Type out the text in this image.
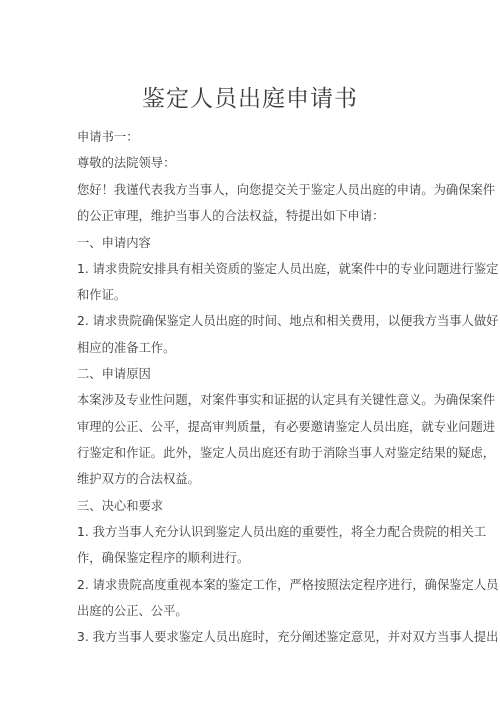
鉴定人员出庭申请书
申请书一：
尊敬的法院领导：
您好！我谨代表我方当事人，向您提交关于鉴定人员出庭的申请。为确保案件
的公正审理，维护当事人的合法权益，特提出如下申请：
一、申请内容
1. 请求贵院安排具有相关资质的鉴定人员出庭，就案件中的专业问题进行鉴定
和作证。
2. 请求贵院确保鉴定人员出庭的时间、地点和相关费用，以便我方当事人做好
相应的准备工作。
二、申请原因
本案涉及专业性问题，对案件事实和证据的认定具有关键性意义。为确保案件
审理的公正、公平，提高审判质量，有必要邀请鉴定人员出庭，就专业问题进
行鉴定和作证。此外，鉴定人员出庭还有助于消除当事人对鉴定结果的疑虑，
维护双方的合法权益。
三、决心和要求
1. 我方当事人充分认识到鉴定人员出庭的重要性，将全力配合贵院的相关工
作，确保鉴定程序的顺利进行。
2. 请求贵院高度重视本案的鉴定工作，严格按照法定程序进行，确保鉴定人员
出庭的公正、公平。
3. 我方当事人要求鉴定人员出庭时，充分阐述鉴定意见，并对双方当事人提出
